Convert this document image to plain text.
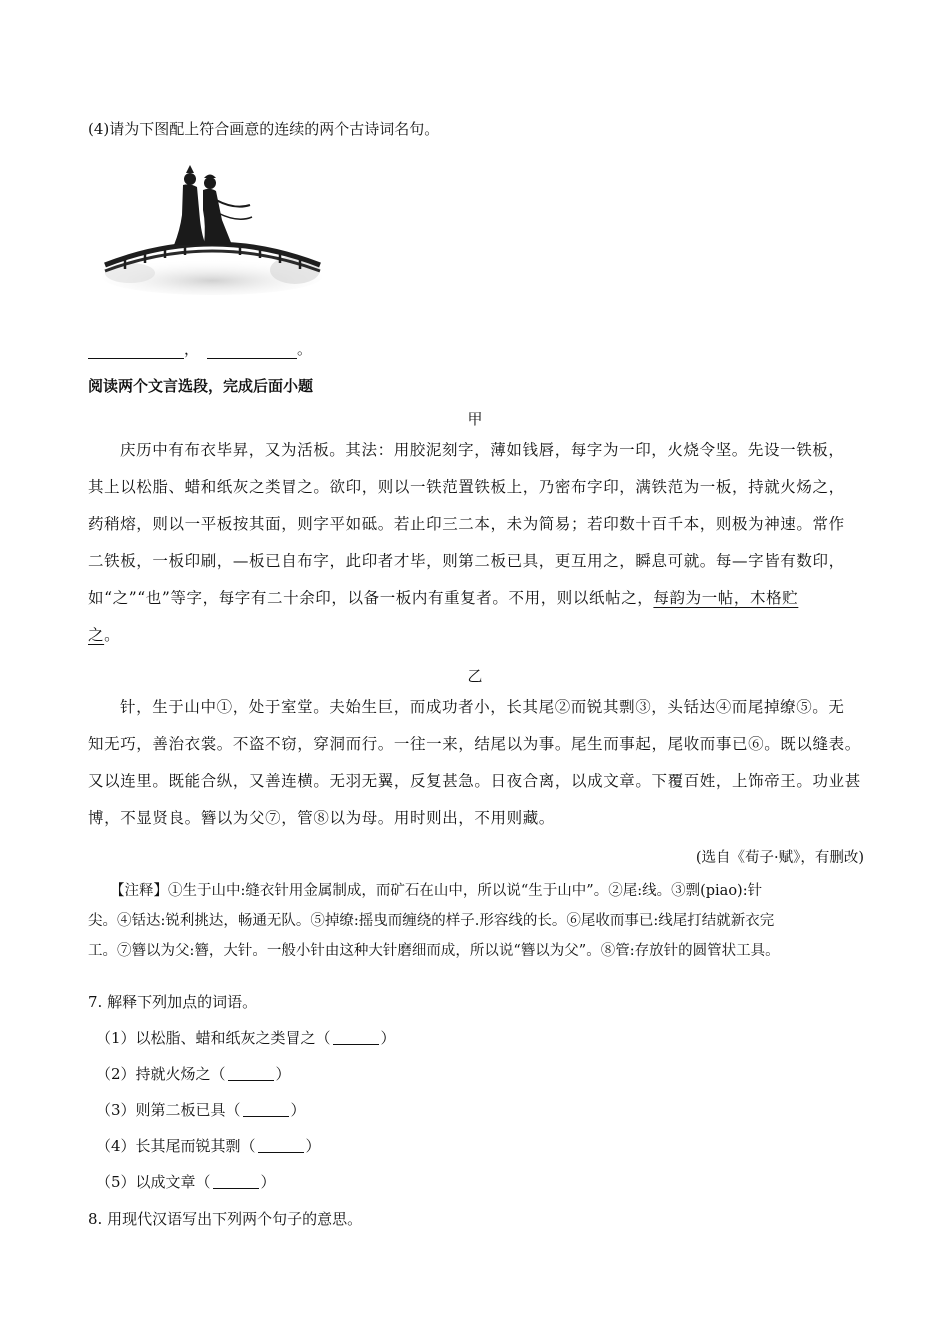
(4)请为下图配上符合画意的连续的两个古诗词名句。
，	。
阅读两个文言选段，完成后面小题
甲
庆历中有布衣毕昇，又为活板。其法：用胶泥刻字，薄如钱唇，每字为一印，火烧令坚。先设一铁板，
其上以松脂、蜡和纸灰之类冒之。欲印，则以一铁范置铁板上，乃密布字印，满铁范为一板，持就火炀之，
药稍熔，则以一平板按其面，则字平如砥。若止印三二本，未为简易；若印数十百千本，则极为神速。常作
二铁板，一板印刷，—板已自布字，此印者才毕，则第二板已具，更互用之，瞬息可就。每—字皆有数印，
如“之”“也”等字，每字有二十余印，以备一板内有重复者。不用，则以纸帖之，每韵为一帖，木格贮
之。
乙
针，生于山中①，处于室堂。夫始生巨，而成功者小，长其尾②而锐其剽③，头铦达④而尾掉缭⑤。无
知无巧，善治衣裳。不盗不窃，穿洞而行。一往一来，结尾以为事。尾生而事起，尾收而事已⑥。既以缝表。
又以连里。既能合纵，又善连横。无羽无翼，反复甚急。日夜合离，以成文章。下覆百姓，上饰帝王。功业甚
博，不显贤良。簪以为父⑦，管⑧以为母。用时则出，不用则藏。
(选自《荀子·赋》，有删改)
【注释】①生于山中:缝衣针用金属制成，而矿石在山中，所以说“生于山中”。②尾:线。③剽(piao):针
尖。④铦达:锐利挑达，畅通无队。⑤掉缭:摇曳而缠绕的样子.形容线的长。⑥尾收而事已:线尾打结就新衣完
工。⑦簪以为父:簪，大针。一般小针由这种大针磨细而成，所以说“簪以为父”。⑧管:存放针的圆管状工具。
7. 解释下列加点的词语。
（1）以松脂、蜡和纸灰之类冒之（	）
（2）持就火炀之（	）
（3）则第二板已具（	）
（4）长其尾而锐其剽（	）
（5）以成文章（	）
8. 用现代汉语写出下列两个句子的意思。
